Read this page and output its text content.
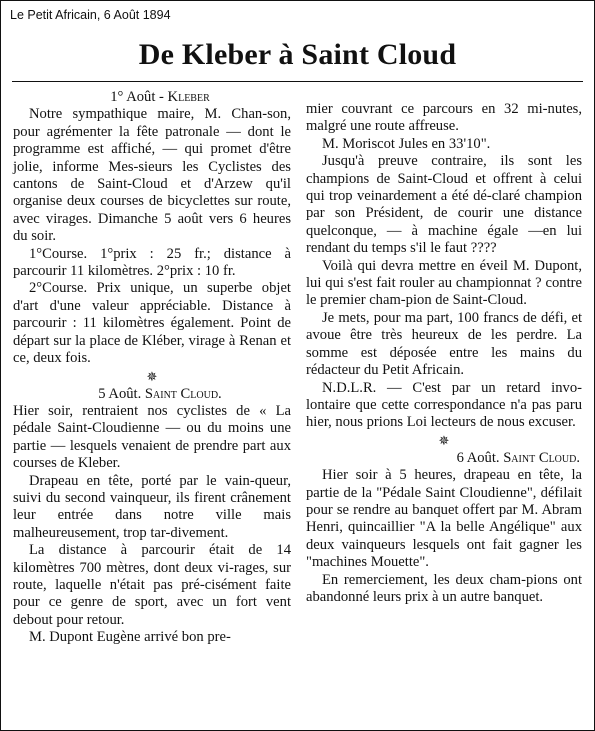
Le Petit Africain, 6 Août 1894
De Kleber à Saint Cloud

1° Août - Kleber

Notre sympathique maire, M. Chan-son, pour agrémenter la fête patronale — dont le programme est affiché, — qui promet d'être jolie, informe Mes-sieurs les Cyclistes des cantons de Saint-Cloud et d'Arzew qu'il organise deux courses de bicyclettes sur route, avec virages. Dimanche 5 août vers 6 heures du soir.

1°Course. 1°prix : 25 fr.; distance à parcourir 11 kilomètres. 2°prix : 10 fr.

2°Course. Prix unique, un superbe objet d'art d'une valeur appréciable. Distance à parcourir : 11 kilomètres également. Point de départ sur la place de Kléber, virage à Renan et ce, deux fois.

✵

5 Août. Saint Cloud.

Hier soir, rentraient nos cyclistes de « La pédale Saint-Cloudienne — ou du moins une partie — lesquels venaient de prendre part aux courses de Kleber.

Drapeau en tête, porté par le vain-queur, suivi du second vainqueur, ils firent crânement leur entrée dans notre ville mais malheureusement, trop tar-divement.

La distance à parcourir était de 14 kilomètres 700 mètres, dont deux vi-rages, sur route, laquelle n'était pas pré-cisément faite pour ce genre de sport, avec un fort vent debout pour retour.

M. Dupont Eugène arrivé bon pre-

mier couvrant ce parcours en 32 mi-nutes, malgré une route affreuse.

M. Moriscot Jules en 33'10".

Jusqu'à preuve contraire, ils sont les champions de Saint-Cloud et offrent à celui qui trop veinardement a été dé-claré champion par son Président, de courir une distance quelconque, — à machine égale —en lui rendant du temps s'il le faut ????

Voilà qui devra mettre en éveil M. Dupont, lui qui s'est fait rouler au championnat ? contre le premier cham-pion de Saint-Cloud.

Je mets, pour ma part, 100 francs de défi, et avoue être très heureux de les perdre. La somme est déposée entre les mains du rédacteur du Petit Africain.

N.D.L.R. — C'est par un retard invo-lontaire que cette correspondance n'a pas paru hier, nous prions Loi lecteurs de nous excuser.

✵

6 Août. Saint Cloud.

Hier soir à 5 heures, drapeau en tête, la partie de la "Pédale Saint Cloudienne", défilait pour se rendre au banquet offert par M. Abram Henri, quincaillier "A la belle Angélique" aux deux vainqueurs lesquels ont fait gagner les "machines Mouette".

En remerciement, les deux cham-pions ont abandonné leurs prix à un autre banquet.
